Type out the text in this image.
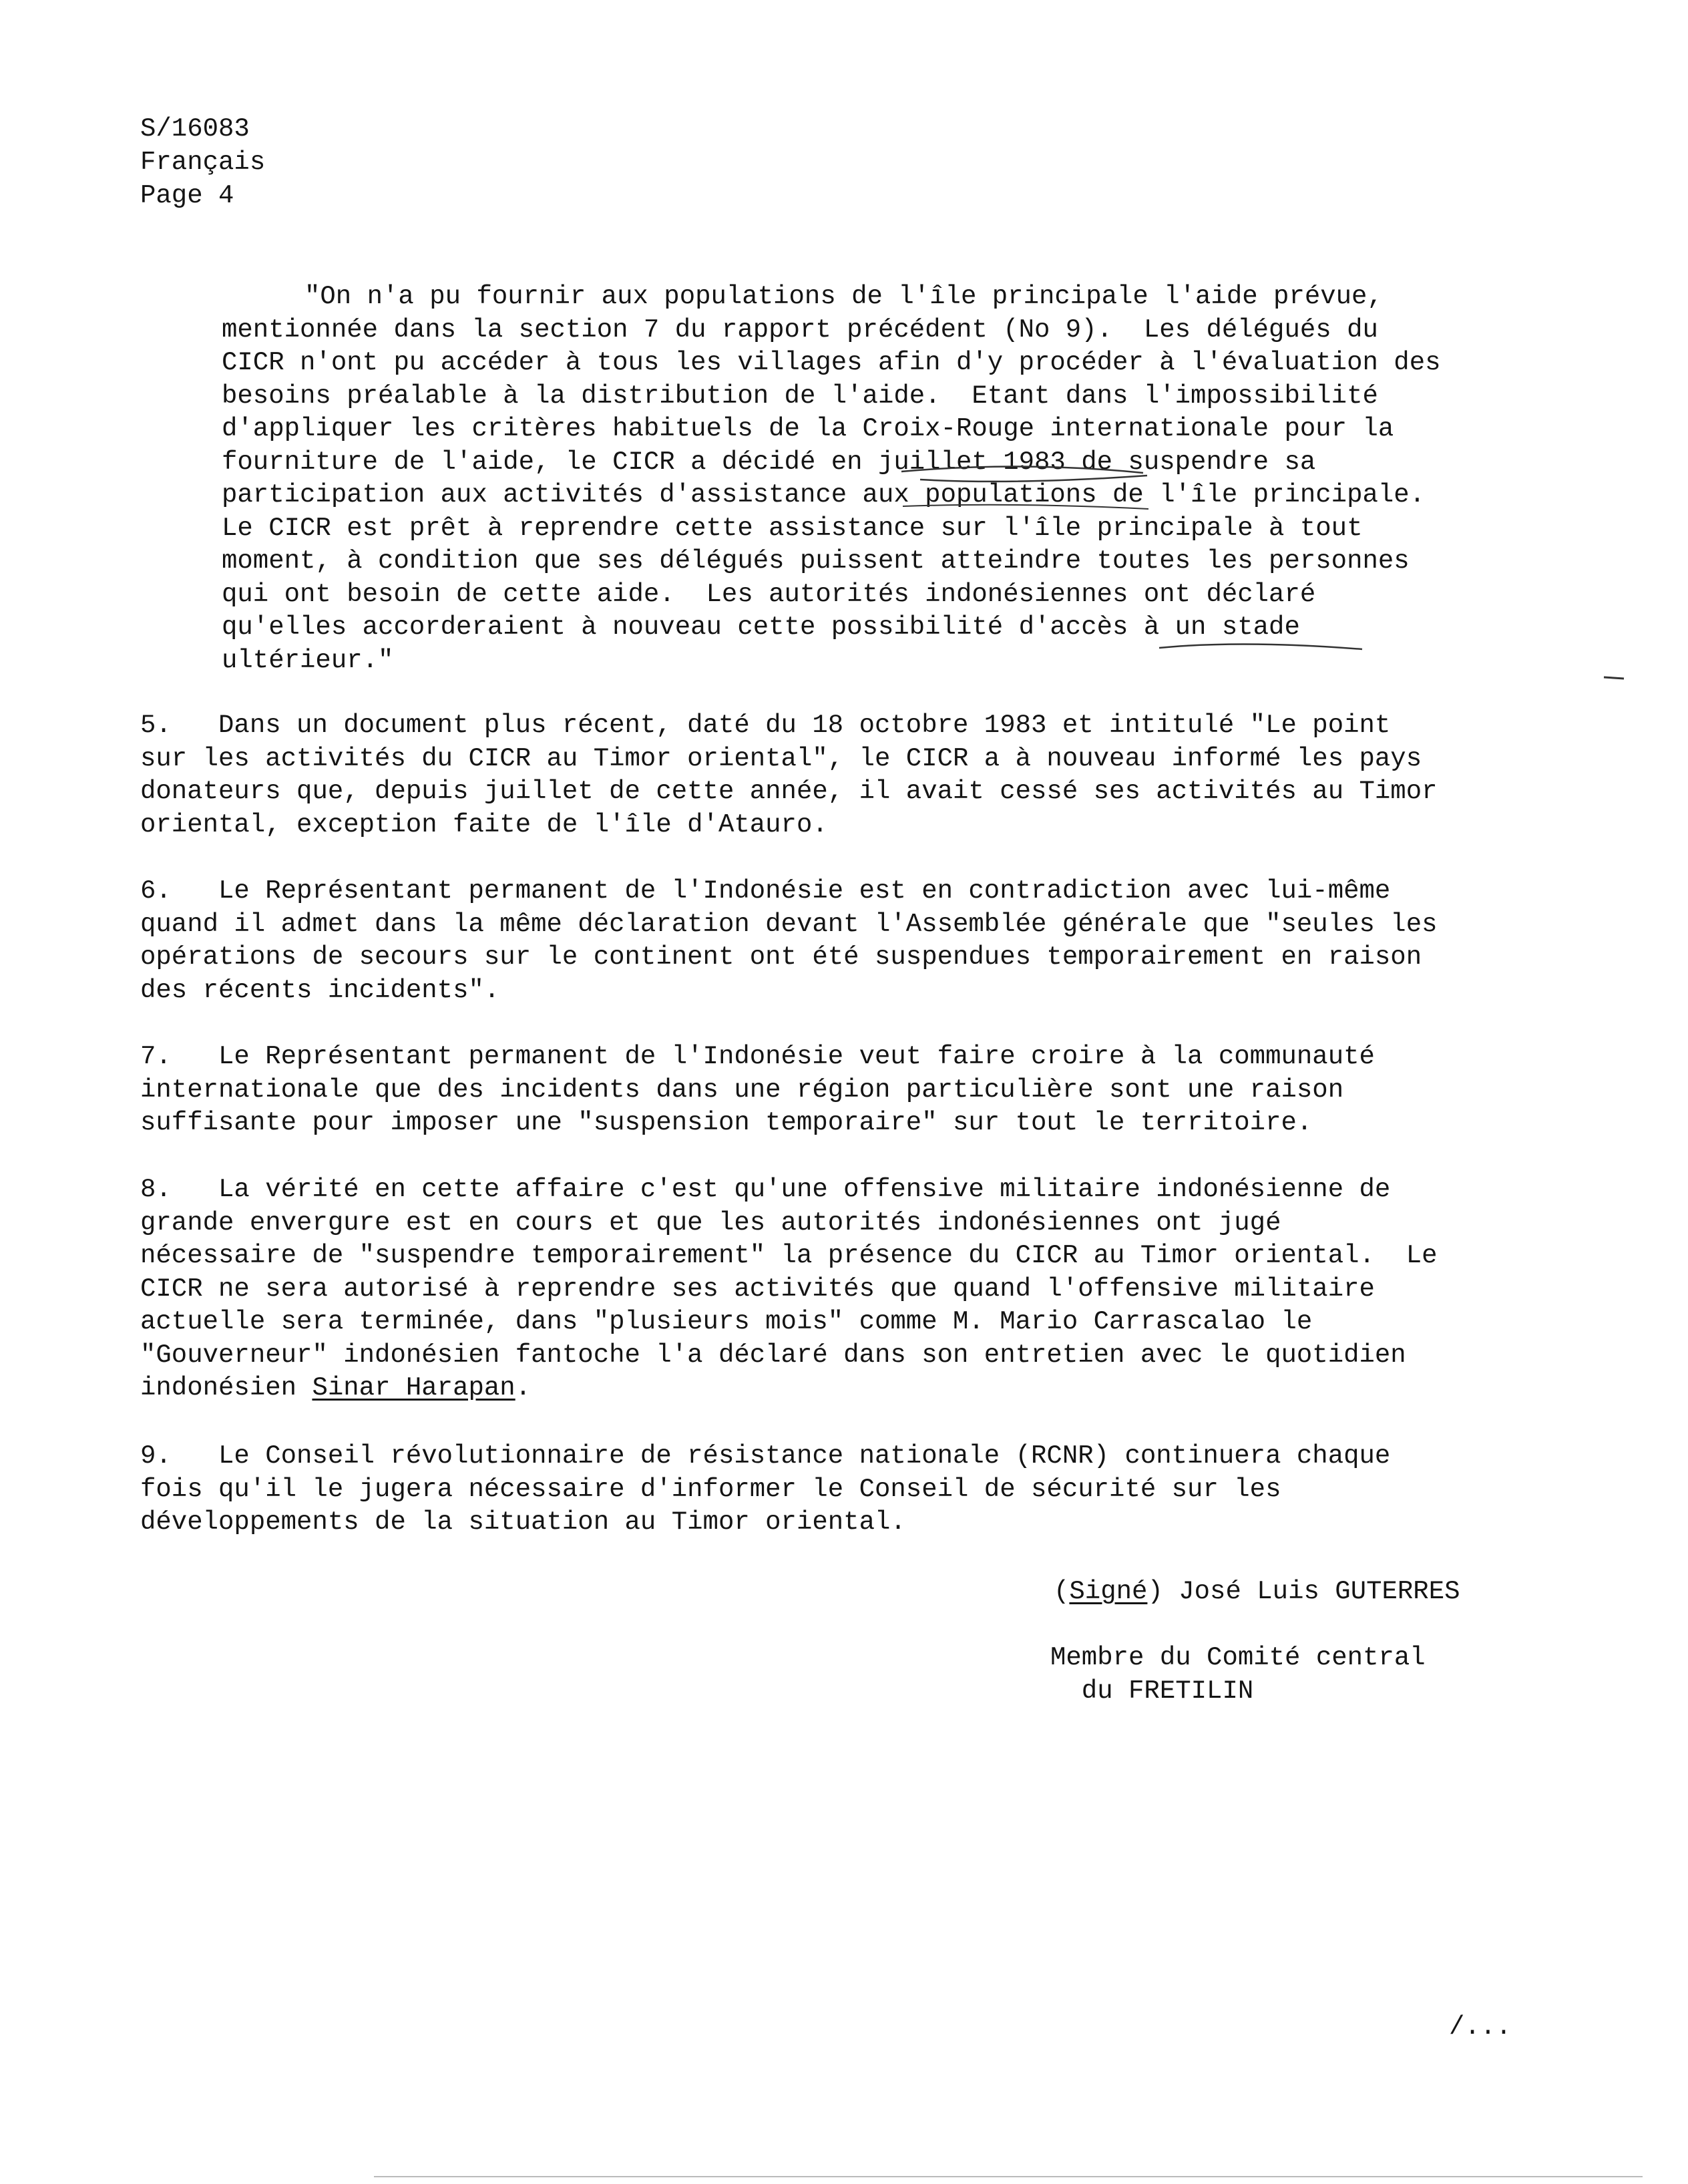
S/16083
Français
Page 4
"On n'a pu fournir aux populations de l'île principale l'aide prévue,
mentionnée dans la section 7 du rapport précédent (No 9).  Les délégués du
CICR n'ont pu accéder à tous les villages afin d'y procéder à l'évaluation des
besoins préalable à la distribution de l'aide.  Etant dans l'impossibilité
d'appliquer les critères habituels de la Croix-Rouge internationale pour la
fourniture de l'aide, le CICR a décidé en juillet 1983 de suspendre sa
participation aux activités d'assistance aux populations de l'île principale.
Le CICR est prêt à reprendre cette assistance sur l'île principale à tout
moment, à condition que ses délégués puissent atteindre toutes les personnes
qui ont besoin de cette aide.  Les autorités indonésiennes ont déclaré
qu'elles accorderaient à nouveau cette possibilité d'accès à un stade
ultérieur."
5.   Dans un document plus récent, daté du 18 octobre 1983 et intitulé "Le point
sur les activités du CICR au Timor oriental", le CICR a à nouveau informé les pays
donateurs que, depuis juillet de cette année, il avait cessé ses activités au Timor
oriental, exception faite de l'île d'Atauro.
6.   Le Représentant permanent de l'Indonésie est en contradiction avec lui-même
quand il admet dans la même déclaration devant l'Assemblée générale que "seules les
opérations de secours sur le continent ont été suspendues temporairement en raison
des récents incidents".
7.   Le Représentant permanent de l'Indonésie veut faire croire à la communauté
internationale que des incidents dans une région particulière sont une raison
suffisante pour imposer une "suspension temporaire" sur tout le territoire.
8.   La vérité en cette affaire c'est qu'une offensive militaire indonésienne de
grande envergure est en cours et que les autorités indonésiennes ont jugé
nécessaire de "suspendre temporairement" la présence du CICR au Timor oriental.  Le
CICR ne sera autorisé à reprendre ses activités que quand l'offensive militaire
actuelle sera terminée, dans "plusieurs mois" comme M. Mario Carrascalao le
"Gouverneur" indonésien fantoche l'a déclaré dans son entretien avec le quotidien
indonésien Sinar Harapan.
9.   Le Conseil révolutionnaire de résistance nationale (RCNR) continuera chaque
fois qu'il le jugera nécessaire d'informer le Conseil de sécurité sur les
développements de la situation au Timor oriental.
(Signé) José Luis GUTERRES
Membre du Comité central
du FRETILIN
/...
